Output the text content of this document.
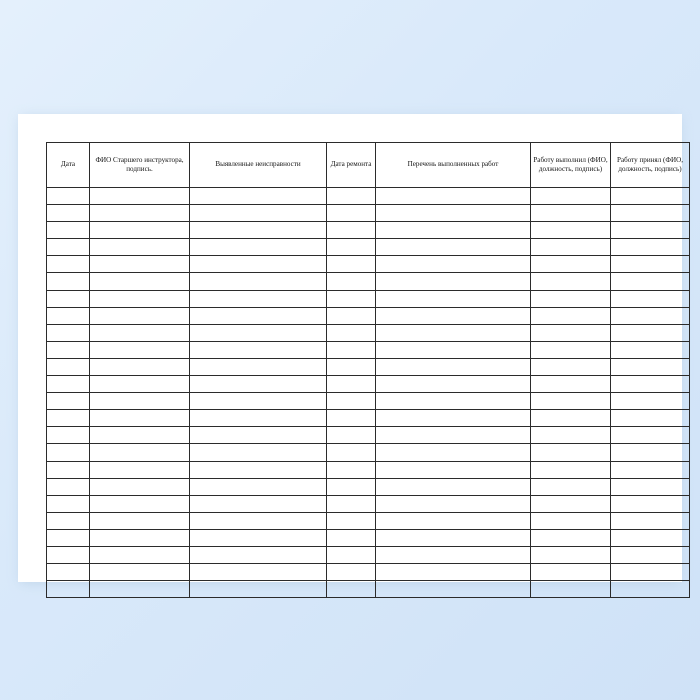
Дата	ФИО Старшего инструктора, подпись.	Выявленные неисправности	Дата ремонта	Перечень выполненных работ	Работу выполнил (ФИО, должность, подпись)	Работу принял (ФИО, должность, подпись)
